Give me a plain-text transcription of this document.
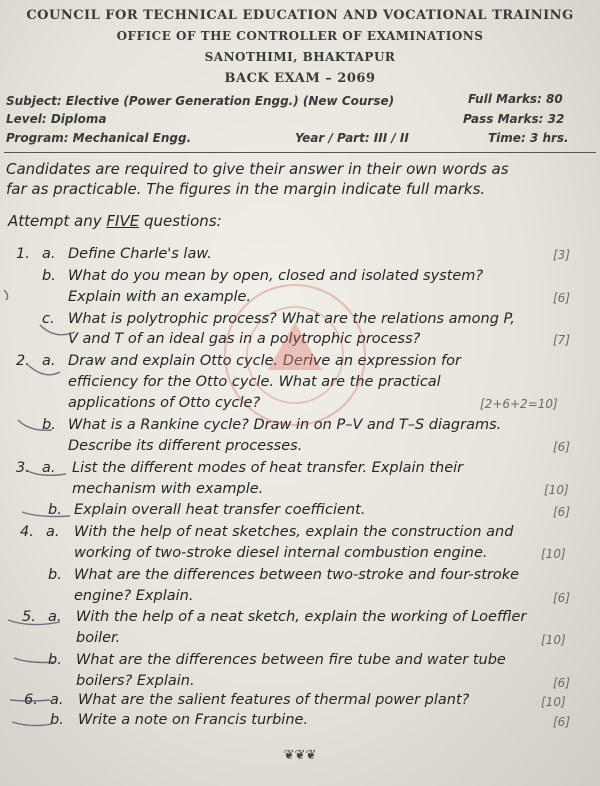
COUNCIL FOR TECHNICAL EDUCATION AND VOCATIONAL TRAINING
OFFICE OF THE CONTROLLER OF EXAMINATIONS
SANOTHIMI, BHAKTAPUR
BACK EXAM – 2069
Subject: Elective (Power Generation Engg.) (New Course)
Level: Diploma
Program: Mechanical Engg.	Year / Part: III / II
Full Marks: 80
Pass Marks: 32
Time: 3 hrs.
Candidates are required to give their answer in their own words as
far as practicable. The figures in the margin indicate full marks.
Attempt any FIVE questions:
1. a. Define Charle's law.	[3]
b. What do you mean by open, closed and isolated system?
Explain with an example.	[6]
c. What is polytrophic process? What are the relations among P,
V and T of an ideal gas in a polytrophic process?	[7]
2. a. Draw and explain Otto cycle. Derive an expression for
efficiency for the Otto cycle. What are the practical
applications of Otto cycle?	[2+6+2=10]
b. What is a Rankine cycle? Draw in on P–V and T–S diagrams.
Describe its different processes.	[6]
3. a. List the different modes of heat transfer. Explain their
mechanism with example.	[10]
b. Explain overall heat transfer coefficient.	[6]
4. a. With the help of neat sketches, explain the construction and
working of two-stroke diesel internal combustion engine.	[10]
b. What are the differences between two-stroke and four-stroke
engine? Explain.	[6]
5. a. With the help of a neat sketch, explain the working of Loeffler
boiler.	[10]
b. What are the differences between fire tube and water tube
boilers? Explain.	[6]
6. a. What are the salient features of thermal power plant?	[10]
b. Write a note on Francis turbine.	[6]
❦❦❦
